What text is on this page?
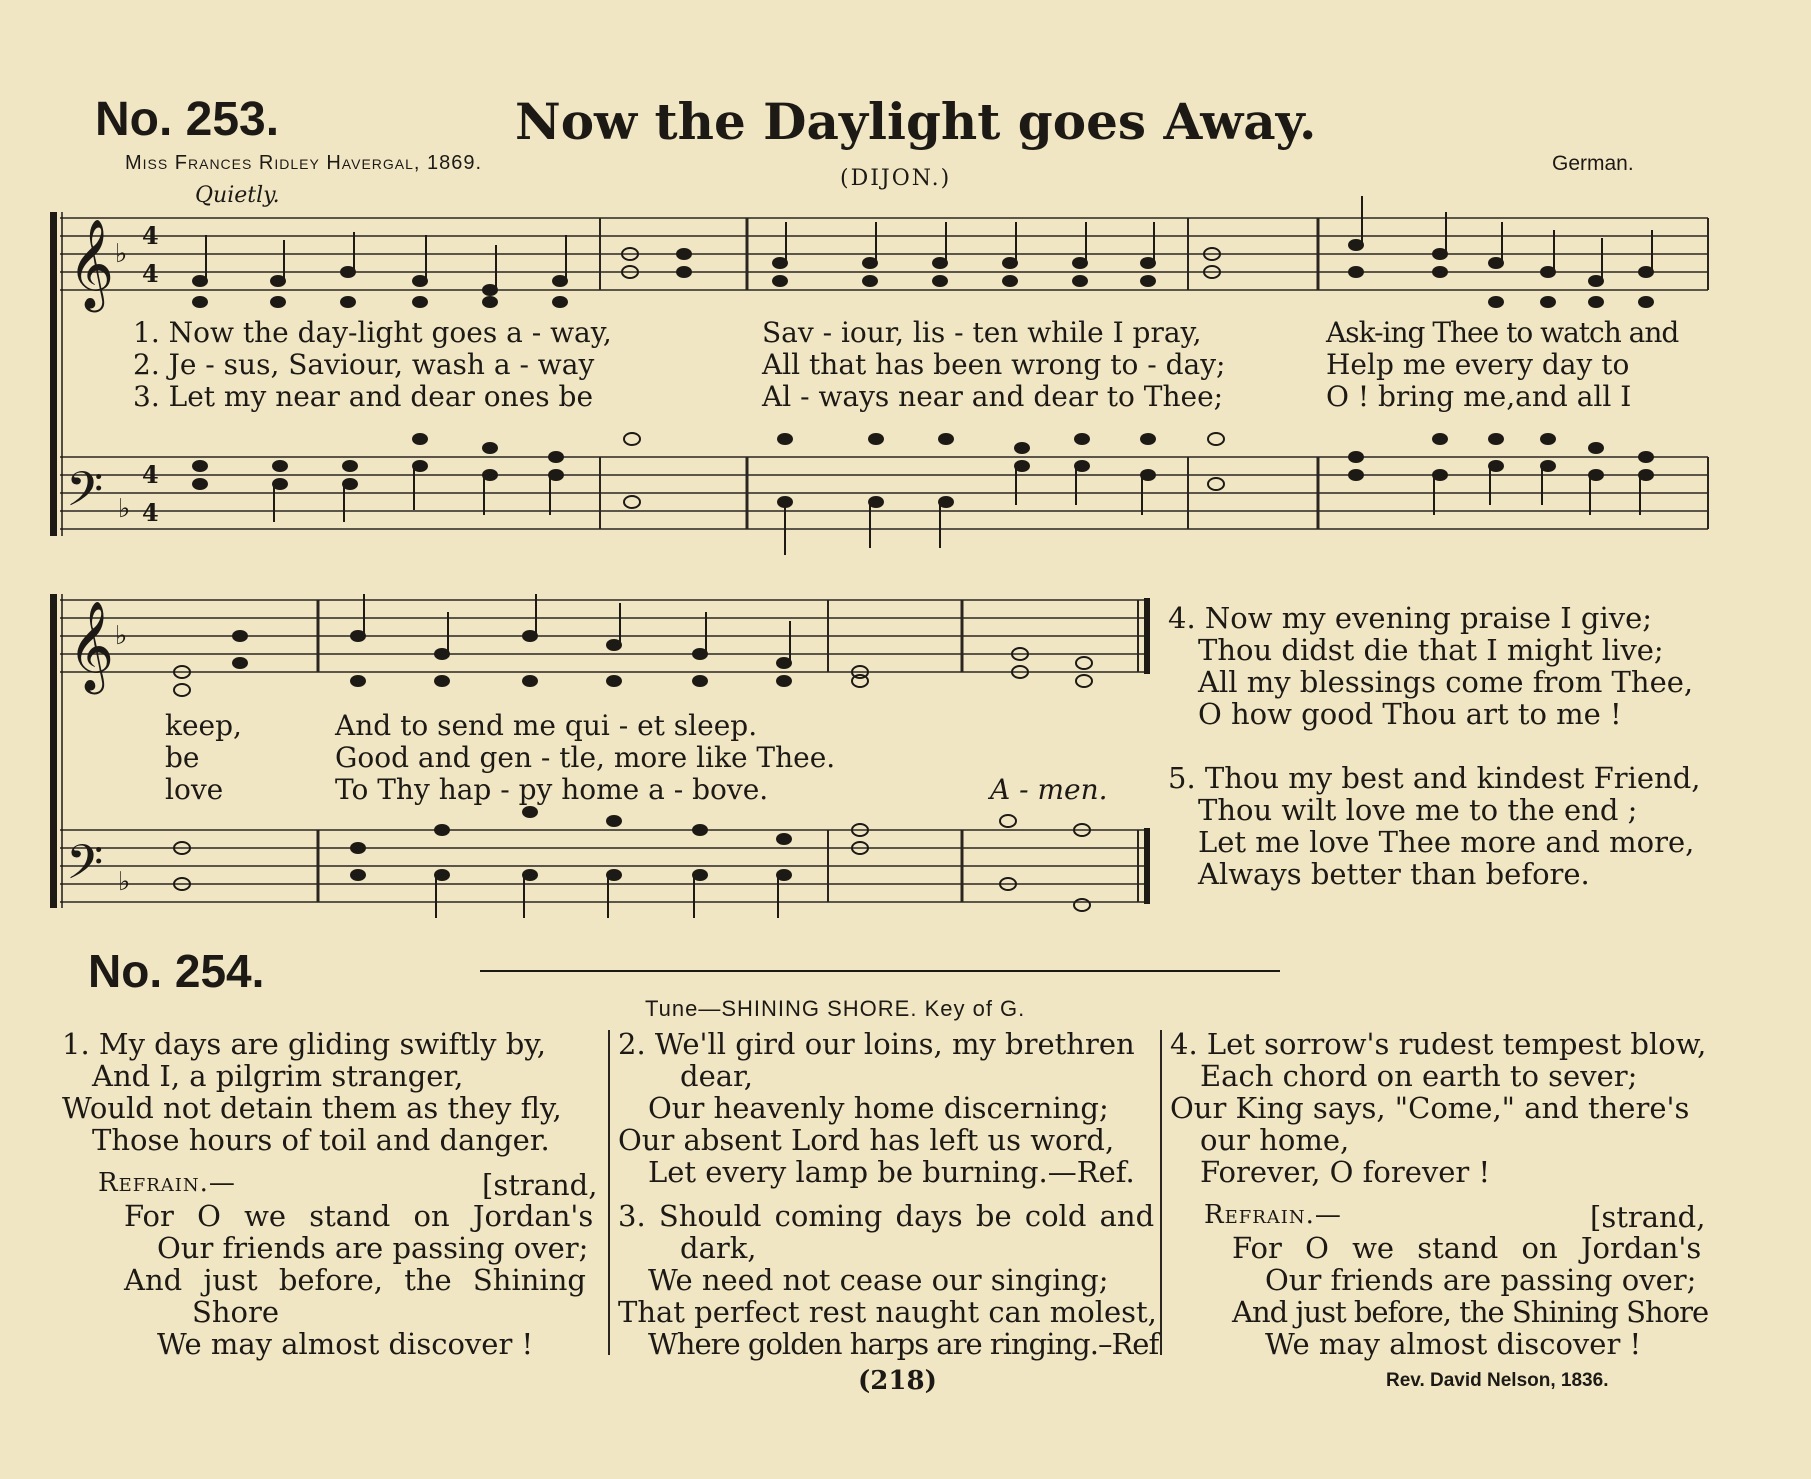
No. 253.	Now the Daylight goes Away.
Miss Frances Ridley Havergal, 1869.
(DIJON.)
German.
Quietly.
𝄞 ♭
4
4
𝄢 ♭
4
4
1. Now the day-light goes a - way,	Sav - iour, lis - ten while I pray,	Ask-ing Thee to watch and
2. Je - sus, Saviour, wash a - way	All that has been wrong to - day;	Help me every day to
3. Let my near and dear ones be	Al - ways near and dear to Thee;	O ! bring me,and all I
𝄞 ♭
𝄢 ♭
keep,	And to send me qui - et sleep.
be	Good and gen - tle, more like Thee.
love	To Thy hap - py home a - bove.	A - men.
4. Now my evening praise I give;
Thou didst die that I might live;
All my blessings come from Thee,
O how good Thou art to me !
5. Thou my best and kindest Friend,
Thou wilt love me to the end ;
Let me love Thee more and more,
Always better than before.
No. 254.
Tune—SHINING SHORE. Key of G.
1. My days are gliding swiftly by,
And I, a pilgrim stranger,
Would not detain them as they fly,
Those hours of toil and danger.
Refrain.—	[strand,
For O we stand on Jordan's
Our friends are passing over;
And just before, the Shining
Shore
We may almost discover !
2. We'll gird our loins, my brethren
dear,
Our heavenly home discerning;
Our absent Lord has left us word,
Let every lamp be burning.—Ref.
3. Should coming days be cold and
dark,
We need not cease our singing;
That perfect rest naught can molest,
Where golden harps are ringing.–Ref
4. Let sorrow's rudest tempest blow,
Each chord on earth to sever;
Our King says, "Come," and there's
our home,
Forever, O forever !
Refrain.—	[strand,
For O we stand on Jordan's
Our friends are passing over;
And just before, the Shining Shore
We may almost discover !
(218)	Rev. David Nelson, 1836.
